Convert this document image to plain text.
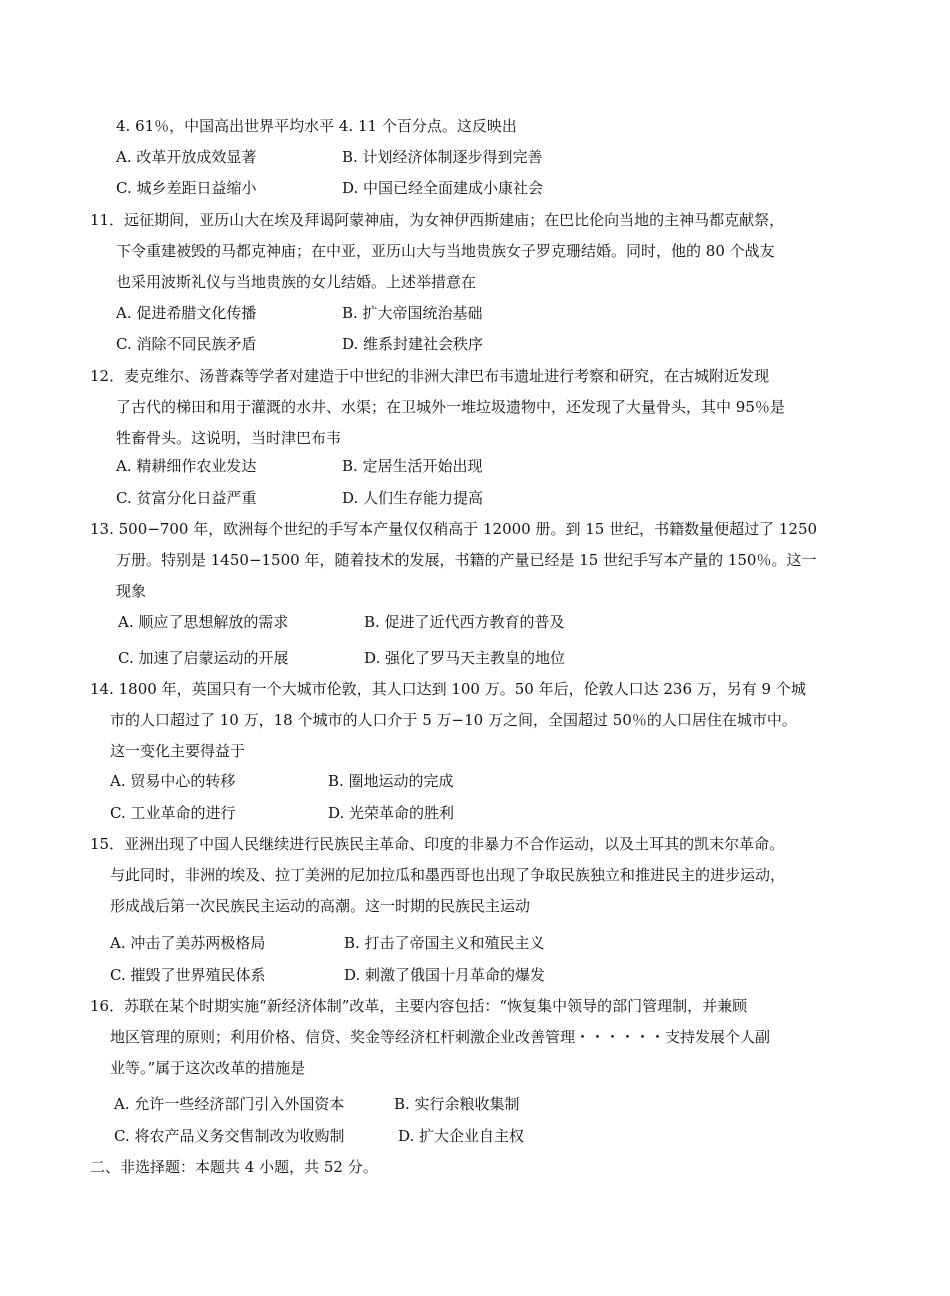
4. 61％，中国高出世界平均水平 4. 11 个百分点。这反映出
A. 改革开放成效显著	B. 计划经济体制逐步得到完善
C. 城乡差距日益缩小	D. 中国已经全面建成小康社会
11．远征期间，亚历山大在埃及拜谒阿蒙神庙，为女神伊西斯建庙；在巴比伦向当地的主神马都克献祭，
下令重建被毁的马都克神庙；在中亚，亚历山大与当地贵族女子罗克珊结婚。同时，他的 80 个战友
也采用波斯礼仪与当地贵族的女儿结婚。上述举措意在
A. 促进希腊文化传播	B. 扩大帝国统治基础
C. 消除不同民族矛盾	D. 维系封建社会秩序
12．麦克维尔、汤普森等学者对建造于中世纪的非洲大津巴布韦遗址进行考察和研究，在古城附近发现
了古代的梯田和用于灌溉的水井、水渠；在卫城外一堆垃圾遗物中，还发现了大量骨头，其中 95％是
牲畜骨头。这说明，当时津巴布韦
A. 精耕细作农业发达	B. 定居生活开始出现
C. 贫富分化日益严重	D. 人们生存能力提高
13. 500−700 年，欧洲每个世纪的手写本产量仅仅稍高于 12000 册。到 15 世纪，书籍数量便超过了 1250
万册。特别是 1450−1500 年，随着技术的发展，书籍的产量已经是 15 世纪手写本产量的 150％。这一
现象
A. 顺应了思想解放的需求	B. 促进了近代西方教育的普及
C. 加速了启蒙运动的开展	D. 强化了罗马天主教皇的地位
14. 1800 年，英国只有一个大城市伦敦，其人口达到 100 万。50 年后，伦敦人口达 236 万，另有 9 个城
市的人口超过了 10 万，18 个城市的人口介于 5 万−10 万之间，全国超过 50％的人口居住在城市中。
这一变化主要得益于
A. 贸易中心的转移	B. 圈地运动的完成
C. 工业革命的进行	D. 光荣革命的胜利
15．亚洲出现了中国人民继续进行民族民主革命、印度的非暴力不合作运动，以及土耳其的凯末尔革命。
与此同时，非洲的埃及、拉丁美洲的尼加拉瓜和墨西哥也出现了争取民族独立和推进民主的进步运动，
形成战后第一次民族民主运动的高潮。这一时期的民族民主运动
A. 冲击了美苏两极格局	B. 打击了帝国主义和殖民主义
C. 摧毁了世界殖民体系	D. 刺激了俄国十月革命的爆发
16．苏联在某个时期实施“新经济体制”改革，主要内容包括：“恢复集中领导的部门管理制，并兼顾
地区管理的原则；利用价格、信贷、奖金等经济杠杆刺激企业改善管理・・・・・・支持发展个人副
业等。”属于这次改革的措施是
A. 允许一些经济部门引入外国资本	B. 实行余粮收集制
C. 将农产品义务交售制改为收购制	D. 扩大企业自主权
二、非选择题：本题共 4 小题，共 52 分。
